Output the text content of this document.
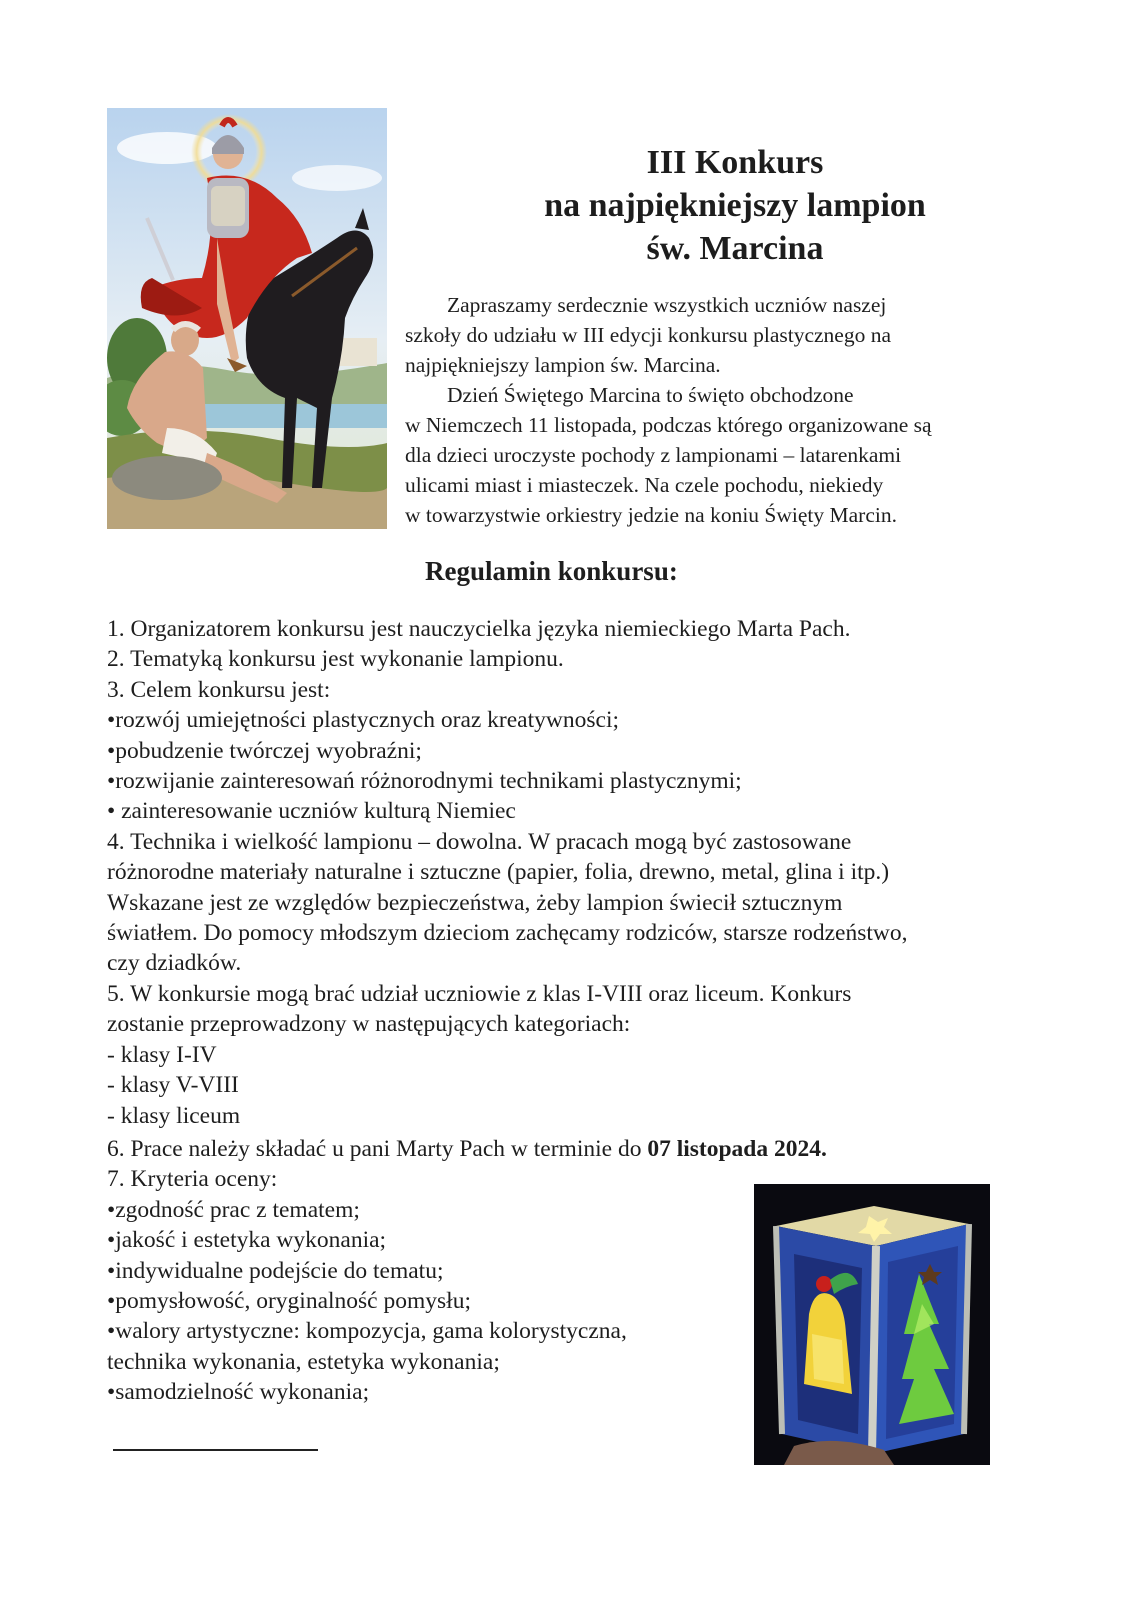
III Konkurs
na najpiękniejszy lampion
św. Marcina
Zapraszamy serdecznie wszystkich uczniów naszej
szkoły do udziału w III edycji konkursu plastycznego na
najpiękniejszy lampion św. Marcina.
Dzień Świętego Marcina to święto obchodzone
w Niemczech 11 listopada, podczas którego organizowane są
dla dzieci uroczyste pochody z lampionami – latarenkami
ulicami miast i miasteczek. Na czele pochodu, niekiedy
w towarzystwie orkiestry jedzie na koniu Święty Marcin.
Regulamin konkursu:
1. Organizatorem konkursu jest nauczycielka języka niemieckiego Marta Pach.
2. Tematyką konkursu jest wykonanie lampionu.
3. Celem konkursu jest:
•rozwój umiejętności plastycznych oraz kreatywności;
•pobudzenie twórczej wyobraźni;
•rozwijanie zainteresowań różnorodnymi technikami plastycznymi;
• zainteresowanie uczniów kulturą Niemiec
4. Technika i wielkość lampionu – dowolna. W pracach mogą być zastosowane
różnorodne materiały naturalne i sztuczne (papier, folia, drewno, metal, glina i itp.)
Wskazane jest ze względów bezpieczeństwa, żeby lampion świecił sztucznym
światłem. Do pomocy młodszym dzieciom zachęcamy rodziców, starsze rodzeństwo,
czy dziadków.
5. W konkursie mogą brać udział uczniowie z klas I-VIII oraz liceum. Konkurs
zostanie przeprowadzony w następujących kategoriach:
- klasy I-IV
- klasy V-VIII
- klasy liceum
6. Prace należy składać u pani Marty Pach w terminie do 07 listopada 2024.
7. Kryteria oceny:
•zgodność prac z tematem;
•jakość i estetyka wykonania;
•indywidualne podejście do tematu;
•pomysłowość, oryginalność pomysłu;
•walory artystyczne: kompozycja, gama kolorystyczna,
technika wykonania, estetyka wykonania;
•samodzielność wykonania;
